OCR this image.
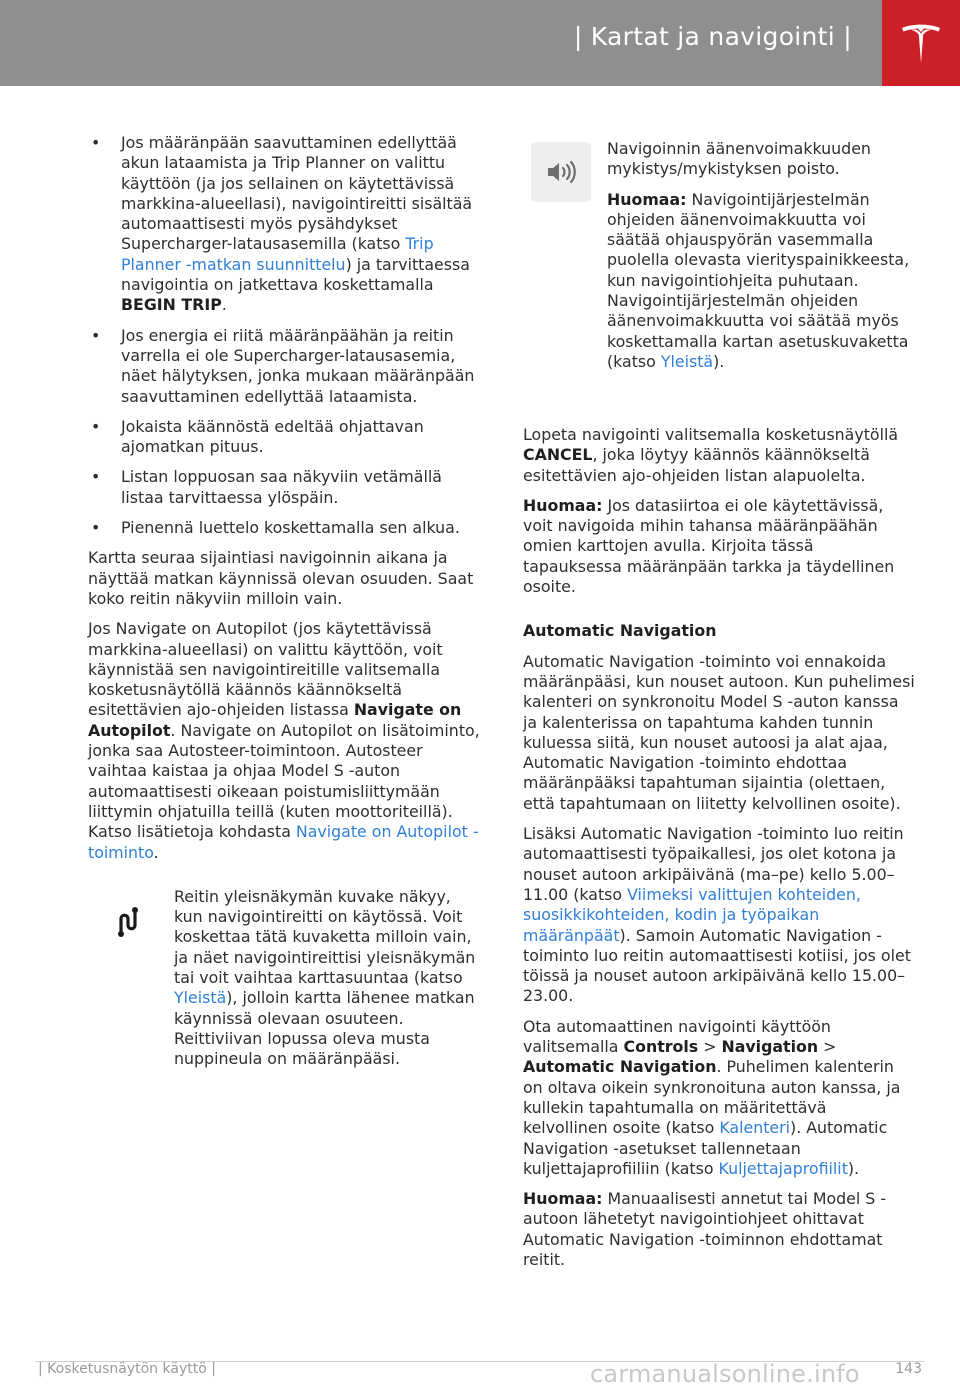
| Kartat ja navigointi |
• Jos määränpään saavuttaminen edellyttää akun lataamista ja Trip Planner on valittu käyttöön (ja jos sellainen on käytettävissä markkina-alueellasi), navigointireitti sisältää automaattisesti myös pysähdykset Supercharger-latausasemilla (katso Trip Planner -matkan suunnittelu) ja tarvittaessa navigointia on jatkettava koskettamalla BEGIN TRIP.
• Jos energia ei riitä määränpäähän ja reitin varrella ei ole Supercharger-latausasemia, näet hälytyksen, jonka mukaan määränpään saavuttaminen edellyttää lataamista.
• Jokaista käännöstä edeltää ohjattavan ajomatkan pituus.
• Listan loppuosan saa näkyviin vetämällä listaa tarvittaessa ylöspäin.
• Pienennä luettelo koskettamalla sen alkua.

Kartta seuraa sijaintiasi navigoinnin aikana ja näyttää matkan käynnissä olevan osuuden. Saat koko reitin näkyviin milloin vain.

Jos Navigate on Autopilot (jos käytettävissä markkina-alueellasi) on valittu käyttöön, voit käynnistää sen navigointireitille valitsemalla kosketusnäytöllä käännös käännökseltä esitettävien ajo-ohjeiden listassa Navigate on Autopilot. Navigate on Autopilot on lisätoiminto, jonka saa Autosteer-toimintoon. Autosteer vaihtaa kaistaa ja ohjaa Model S -auton automaattisesti oikeaan poistumisliittymään liittymin ohjatuilla teillä (kuten moottoriteillä). Katso lisätietoja kohdasta Navigate on Autopilot -toiminto.

Reitin yleisnäkymän kuvake näkyy, kun navigointireitti on käytössä. Voit koskettaa tätä kuvaketta milloin vain, ja näet navigointireittisi yleisnäkymän tai voit vaihtaa karttasuuntaa (katso Yleistä), jolloin kartta lähenee matkan käynnissä olevaan osuuteen. Reittiviivan lopussa oleva musta nuppineula on määränpääsi.

Navigoinnin äänenvoimakkuuden mykistys/mykistyksen poisto.

Huomaa: Navigointijärjestelmän ohjeiden äänenvoimakkuutta voi säätää ohjauspyörän vasemmalla puolella olevasta vierityspainikkeesta, kun navigointiohjeita puhutaan. Navigointijärjestelmän ohjeiden äänenvoimakkuutta voi säätää myös koskettamalla kartan asetuskuvaketta (katso Yleistä).

Lopeta navigointi valitsemalla kosketusnäytöllä CANCEL, joka löytyy käännös käännökseltä esitettävien ajo-ohjeiden listan alapuolelta.

Huomaa: Jos datasiirtoa ei ole käytettävissä, voit navigoida mihin tahansa määränpäähän omien karttojen avulla. Kirjoita tässä tapauksessa määränpään tarkka ja täydellinen osoite.

Automatic Navigation

Automatic Navigation -toiminto voi ennakoida määränpääsi, kun nouset autoon. Kun puhelimesi kalenteri on synkronoitu Model S -auton kanssa ja kalenterissa on tapahtuma kahden tunnin kuluessa siitä, kun nouset autoosi ja alat ajaa, Automatic Navigation -toiminto ehdottaa määränpääksi tapahtuman sijaintia (olettaen, että tapahtumaan on liitetty kelvollinen osoite).

Lisäksi Automatic Navigation -toiminto luo reitin automaattisesti työpaikallesi, jos olet kotona ja nouset autoon arkipäivänä (ma–pe) kello 5.00–11.00 (katso Viimeksi valittujen kohteiden, suosikkikohteiden, kodin ja työpaikan määränpäät). Samoin Automatic Navigation -toiminto luo reitin automaattisesti kotiisi, jos olet töissä ja nouset autoon arkipäivänä kello 15.00–23.00.

Ota automaattinen navigointi käyttöön valitsemalla Controls > Navigation > Automatic Navigation. Puhelimen kalenterin on oltava oikein synkronoituna auton kanssa, ja kullekin tapahtumalla on määritettävä kelvollinen osoite (katso Kalenteri). Automatic Navigation -asetukset tallennetaan kuljettajaprofiiliin (katso Kuljettajaprofiilit).

Huomaa: Manuaalisesti annetut tai Model S -autoon lähetetyt navigointiohjeet ohittavat Automatic Navigation -toiminnon ehdottamat reitit.

| Kosketusnäytön käyttö |	143
carmanualsonline.info
